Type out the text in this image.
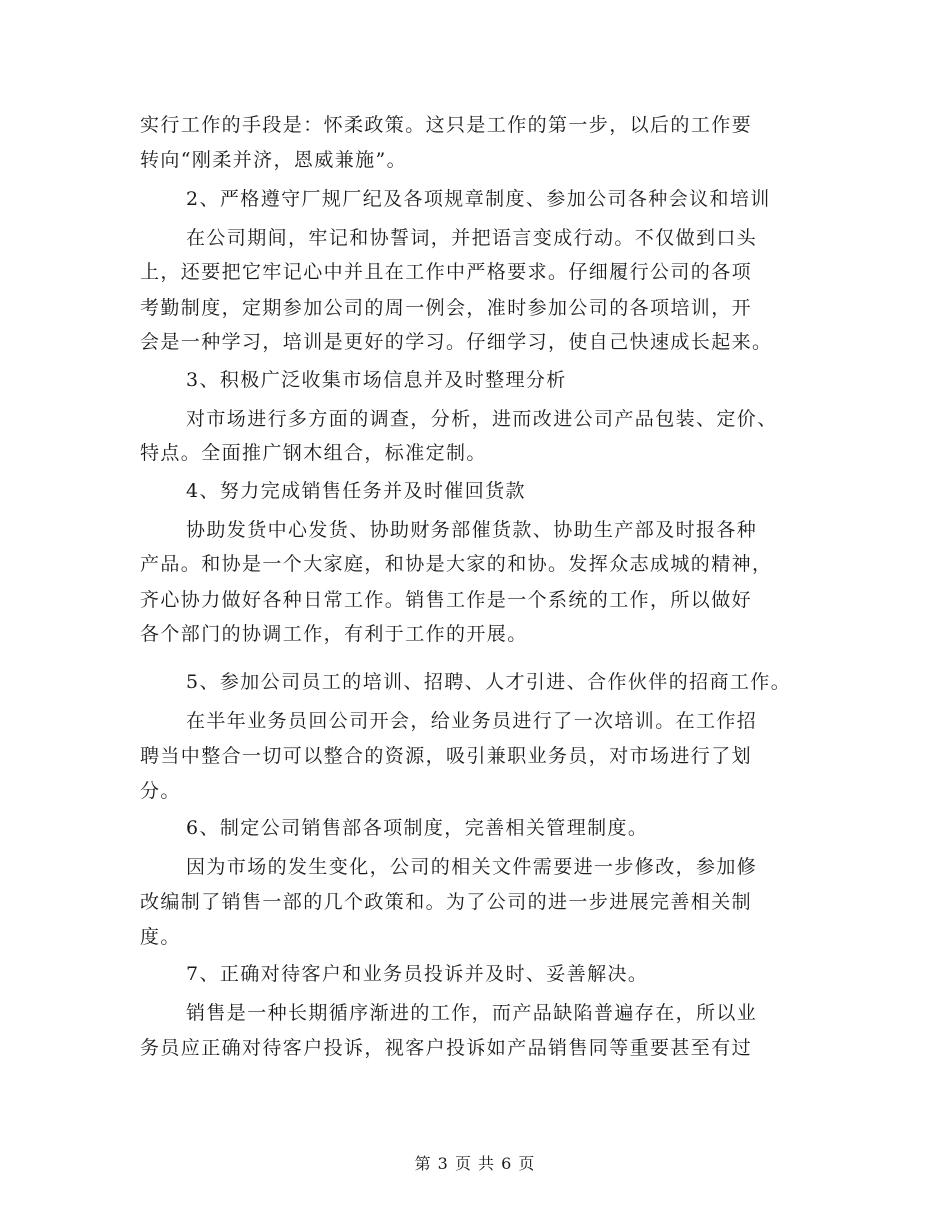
实行工作的手段是：怀柔政策。这只是工作的第一步，以后的工作要
转向“刚柔并济，恩威兼施”。
2、严格遵守厂规厂纪及各项规章制度、参加公司各种会议和培训
在公司期间，牢记和协誓词，并把语言变成行动。不仅做到口头
上，还要把它牢记心中并且在工作中严格要求。仔细履行公司的各项
考勤制度，定期参加公司的周一例会，准时参加公司的各项培训，开
会是一种学习，培训是更好的学习。仔细学习，使自己快速成长起来。
3、积极广泛收集市场信息并及时整理分析
对市场进行多方面的调查，分析，进而改进公司产品包装、定价、
特点。全面推广钢木组合，标准定制。
4、努力完成销售任务并及时催回货款
协助发货中心发货、协助财务部催货款、协助生产部及时报各种
产品。和协是一个大家庭，和协是大家的和协。发挥众志成城的精神，
齐心协力做好各种日常工作。销售工作是一个系统的工作，所以做好
各个部门的协调工作，有利于工作的开展。
5、参加公司员工的培训、招聘、人才引进、合作伙伴的招商工作。
在半年业务员回公司开会，给业务员进行了一次培训。在工作招
聘当中整合一切可以整合的资源，吸引兼职业务员，对市场进行了划
分。
6、制定公司销售部各项制度，完善相关管理制度。
因为市场的发生变化，公司的相关文件需要进一步修改，参加修
改编制了销售一部的几个政策和。为了公司的进一步进展完善相关制
度。
7、正确对待客户和业务员投诉并及时、妥善解决。
销售是一种长期循序渐进的工作，而产品缺陷普遍存在，所以业
务员应正确对待客户投诉，视客户投诉如产品销售同等重要甚至有过
第 3 页 共 6 页
